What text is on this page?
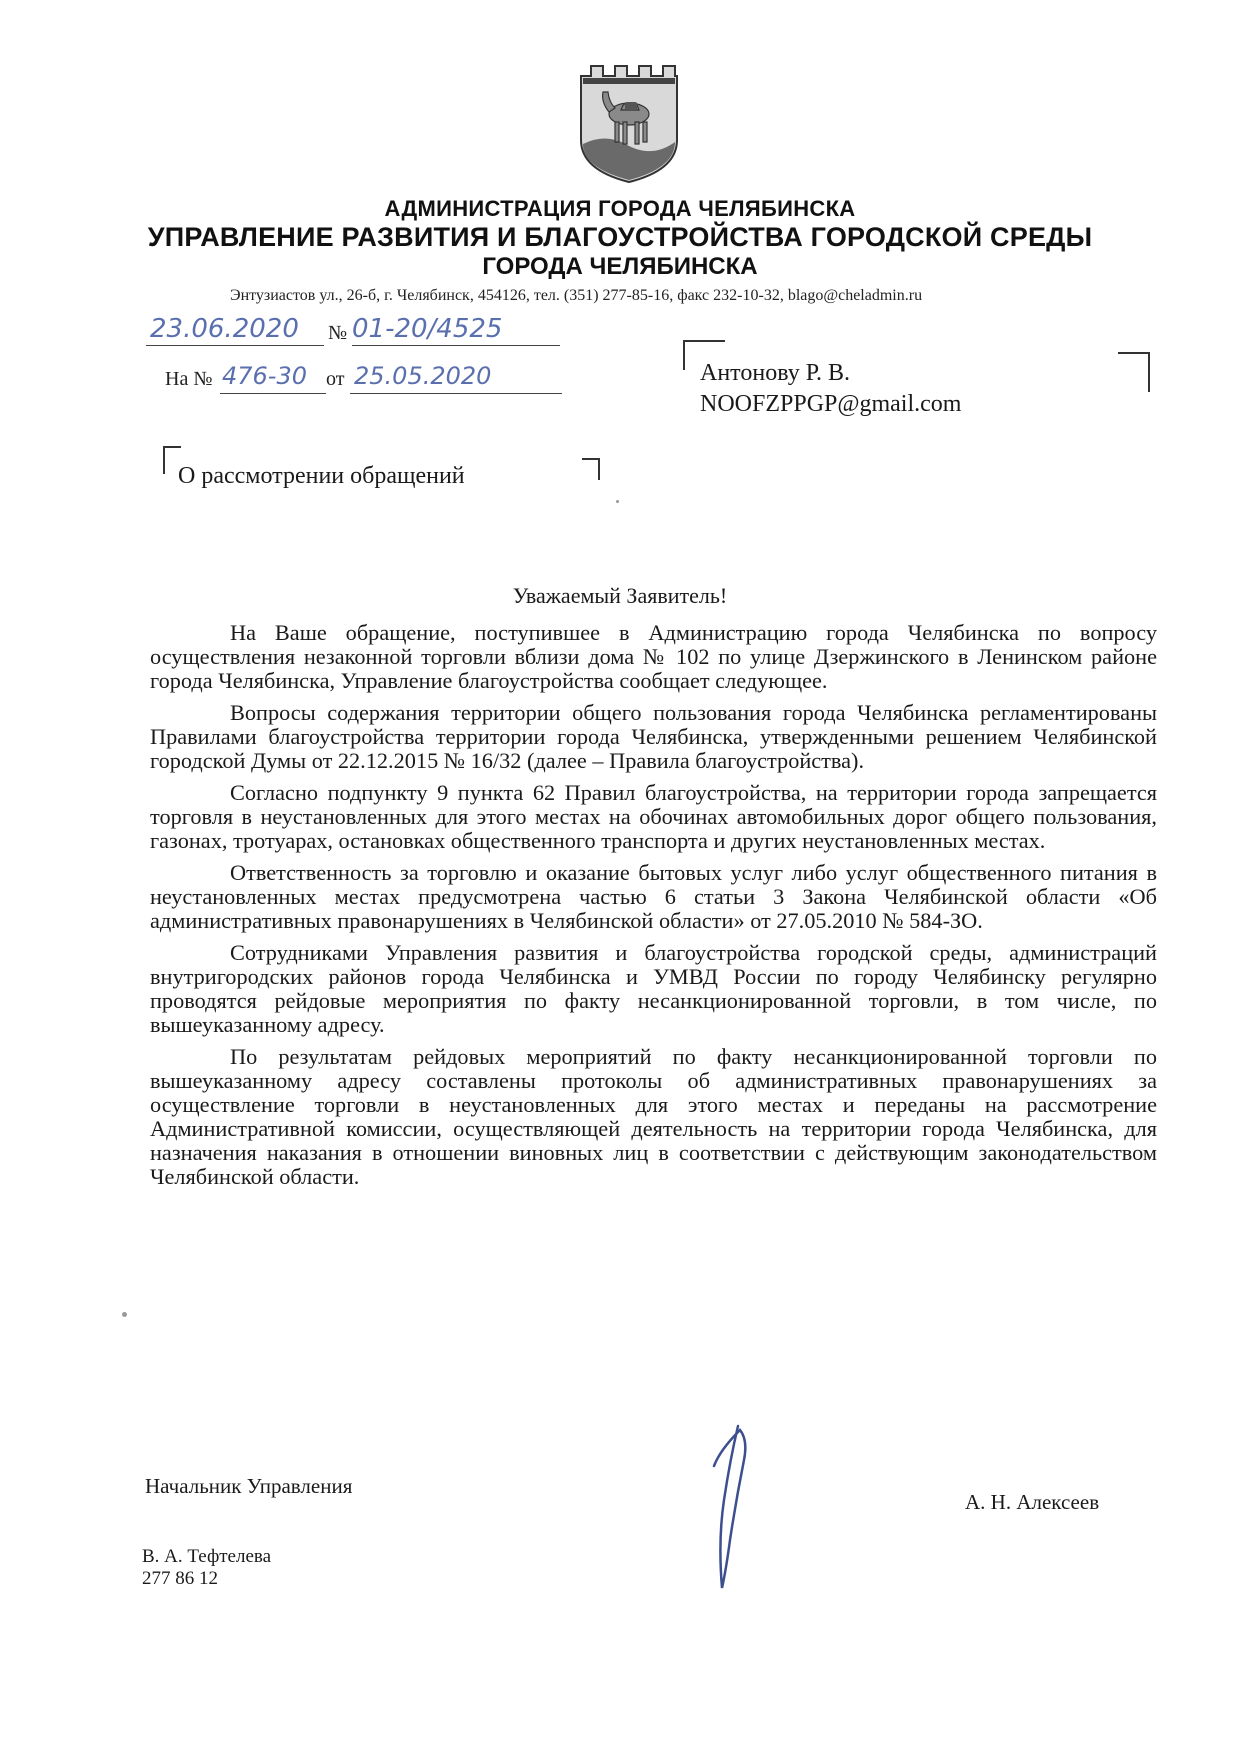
АДМИНИСТРАЦИЯ ГОРОДА ЧЕЛЯБИНСКА
УПРАВЛЕНИЕ РАЗВИТИЯ И БЛАГОУСТРОЙСТВА ГОРОДСКОЙ СРЕДЫ
ГОРОДА ЧЕЛЯБИНСКА
Энтузиастов ул., 26-б, г. Челябинск, 454126, тел. (351) 277-85-16, факс 232-10-32, blago@cheladmin.ru
23.06.2020 № 01-20/4525
На № 476-30 от 25.05.2020	Антонову Р. В.
NOOFZPPGP@gmail.com
О рассмотрении обращений
Уважаемый Заявитель!

На Ваше обращение, поступившее в Администрацию города Челябинска по вопросу осуществления незаконной торговли вблизи дома № 102 по улице Дзержинского в Ленинском районе города Челябинска, Управление благоустройства сообщает следующее.

Вопросы содержания территории общего пользования города Челябинска регламентированы Правилами благоустройства территории города Челябинска, утвержденными решением Челябинской городской Думы от 22.12.2015 № 16/32 (далее – Правила благоустройства).

Согласно подпункту 9 пункта 62 Правил благоустройства, на территории города запрещается торговля в неустановленных для этого местах на обочинах автомобильных дорог общего пользования, газонах, тротуарах, остановках общественного транспорта и других неустановленных местах.

Ответственность за торговлю и оказание бытовых услуг либо услуг общественного питания в неустановленных местах предусмотрена частью 6 статьи 3 Закона Челябинской области «Об административных правонарушениях в Челябинской области» от 27.05.2010 № 584-ЗО.

Сотрудниками Управления развития и благоустройства городской среды, администраций внутригородских районов города Челябинска и УМВД России по городу Челябинску регулярно проводятся рейдовые мероприятия по факту несанкционированной торговли, в том числе, по вышеуказанному адресу.

По результатам рейдовых мероприятий по факту несанкционированной торговли по вышеуказанному адресу составлены протоколы об административных правонарушениях за осуществление торговли в неустановленных для этого местах и переданы на рассмотрение Административной комиссии, осуществляющей деятельность на территории города Челябинска, для назначения наказания в отношении виновных лиц в соответствии с действующим законодательством Челябинской области.

Начальник Управления
А. Н. Алексеев
В. А. Тефтелева
277 86 12
